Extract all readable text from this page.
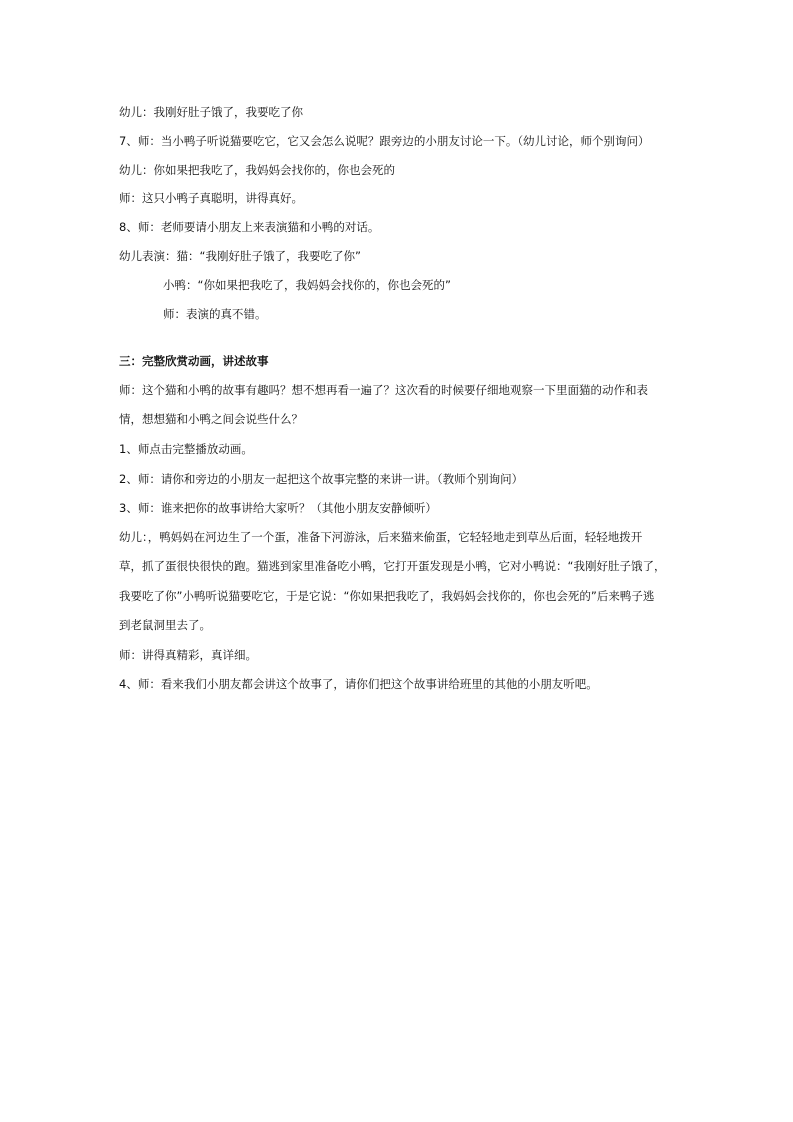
幼儿：我刚好肚子饿了，我要吃了你
7、师：当小鸭子听说猫要吃它，它又会怎么说呢？跟旁边的小朋友讨论一下。（幼儿讨论，师个别询问）
幼儿：你如果把我吃了，我妈妈会找你的，你也会死的
师：这只小鸭子真聪明，讲得真好。
8、师：老师要请小朋友上来表演猫和小鸭的对话。
幼儿表演：猫：“我刚好肚子饿了，我要吃了你”
小鸭：“你如果把我吃了，我妈妈会找你的，你也会死的”
师：表演的真不错。
三：完整欣赏动画，讲述故事
师：这个猫和小鸭的故事有趣吗？想不想再看一遍了？这次看的时候要仔细地观察一下里面猫的动作和表
情，想想猫和小鸭之间会说些什么？
1、师点击完整播放动画。
2、师：请你和旁边的小朋友一起把这个故事完整的来讲一讲。（教师个别询问）
3、师：谁来把你的故事讲给大家听？（其他小朋友安静倾听）
幼儿：，鸭妈妈在河边生了一个蛋，准备下河游泳，后来猫来偷蛋，它轻轻地走到草丛后面，轻轻地拨开
草，抓了蛋很快很快的跑。猫逃到家里准备吃小鸭，它打开蛋发现是小鸭，它对小鸭说：“我刚好肚子饿了，
我要吃了你”小鸭听说猫要吃它，于是它说：“你如果把我吃了，我妈妈会找你的，你也会死的”后来鸭子逃
到老鼠洞里去了。
师：讲得真精彩，真详细。
4、师：看来我们小朋友都会讲这个故事了，请你们把这个故事讲给班里的其他的小朋友听吧。
